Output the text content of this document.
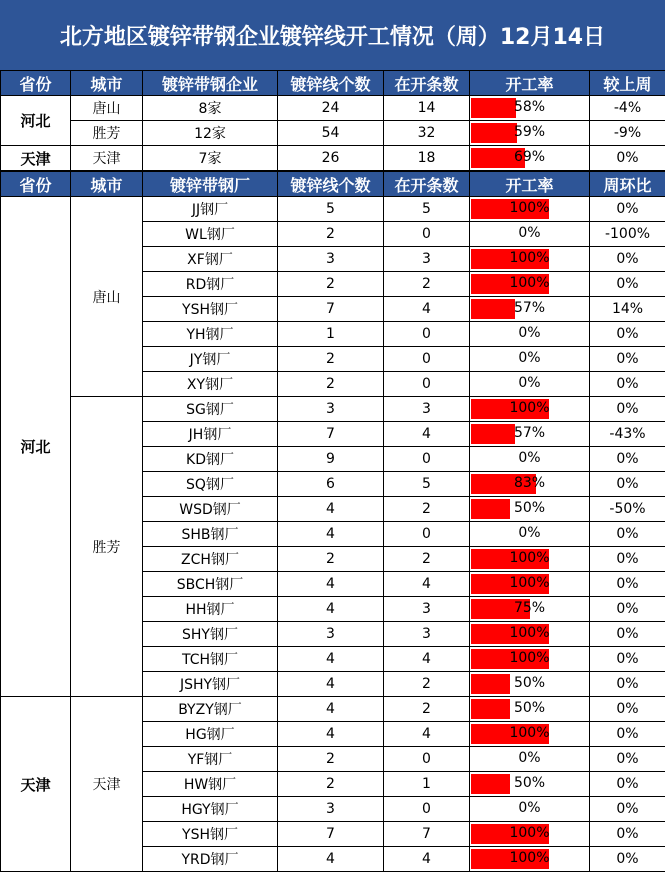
北方地区镀锌带钢企业镀锌线开工情况（周）12月14日
省份	城市	镀锌带钢企业	镀锌线个数	在开条数	开工率	较上周
河北	唐山	8家	24	14	58%	-4%
	胜芳	12家	54	32	59%	-9%
天津	天津	7家	26	18	69%	0%
省份	城市	镀锌带钢厂	镀锌线个数	在开条数	开工率	周环比
河北	唐山	JJ钢厂	5	5	100%	0%
		WL钢厂	2	0	0%	-100%
		XF钢厂	3	3	100%	0%
		RD钢厂	2	2	100%	0%
		YSH钢厂	7	4	57%	14%
		YH钢厂	1	0	0%	0%
		JY钢厂	2	0	0%	0%
		XY钢厂	2	0	0%	0%
	胜芳	SG钢厂	3	3	100%	0%
		JH钢厂	7	4	57%	-43%
		KD钢厂	9	0	0%	0%
		SQ钢厂	6	5	83%	0%
		WSD钢厂	4	2	50%	-50%
		SHB钢厂	4	0	0%	0%
		ZCH钢厂	2	2	100%	0%
		SBCH钢厂	4	4	100%	0%
		HH钢厂	4	3	75%	0%
		SHY钢厂	3	3	100%	0%
		TCH钢厂	4	4	100%	0%
		JSHY钢厂	4	2	50%	0%
天津	天津	BYZY钢厂	4	2	50%	0%
		HG钢厂	4	4	100%	0%
		YF钢厂	2	0	0%	0%
		HW钢厂	2	1	50%	0%
		HGY钢厂	3	0	0%	0%
		YSH钢厂	7	7	100%	0%
		YRD钢厂	4	4	100%	0%
